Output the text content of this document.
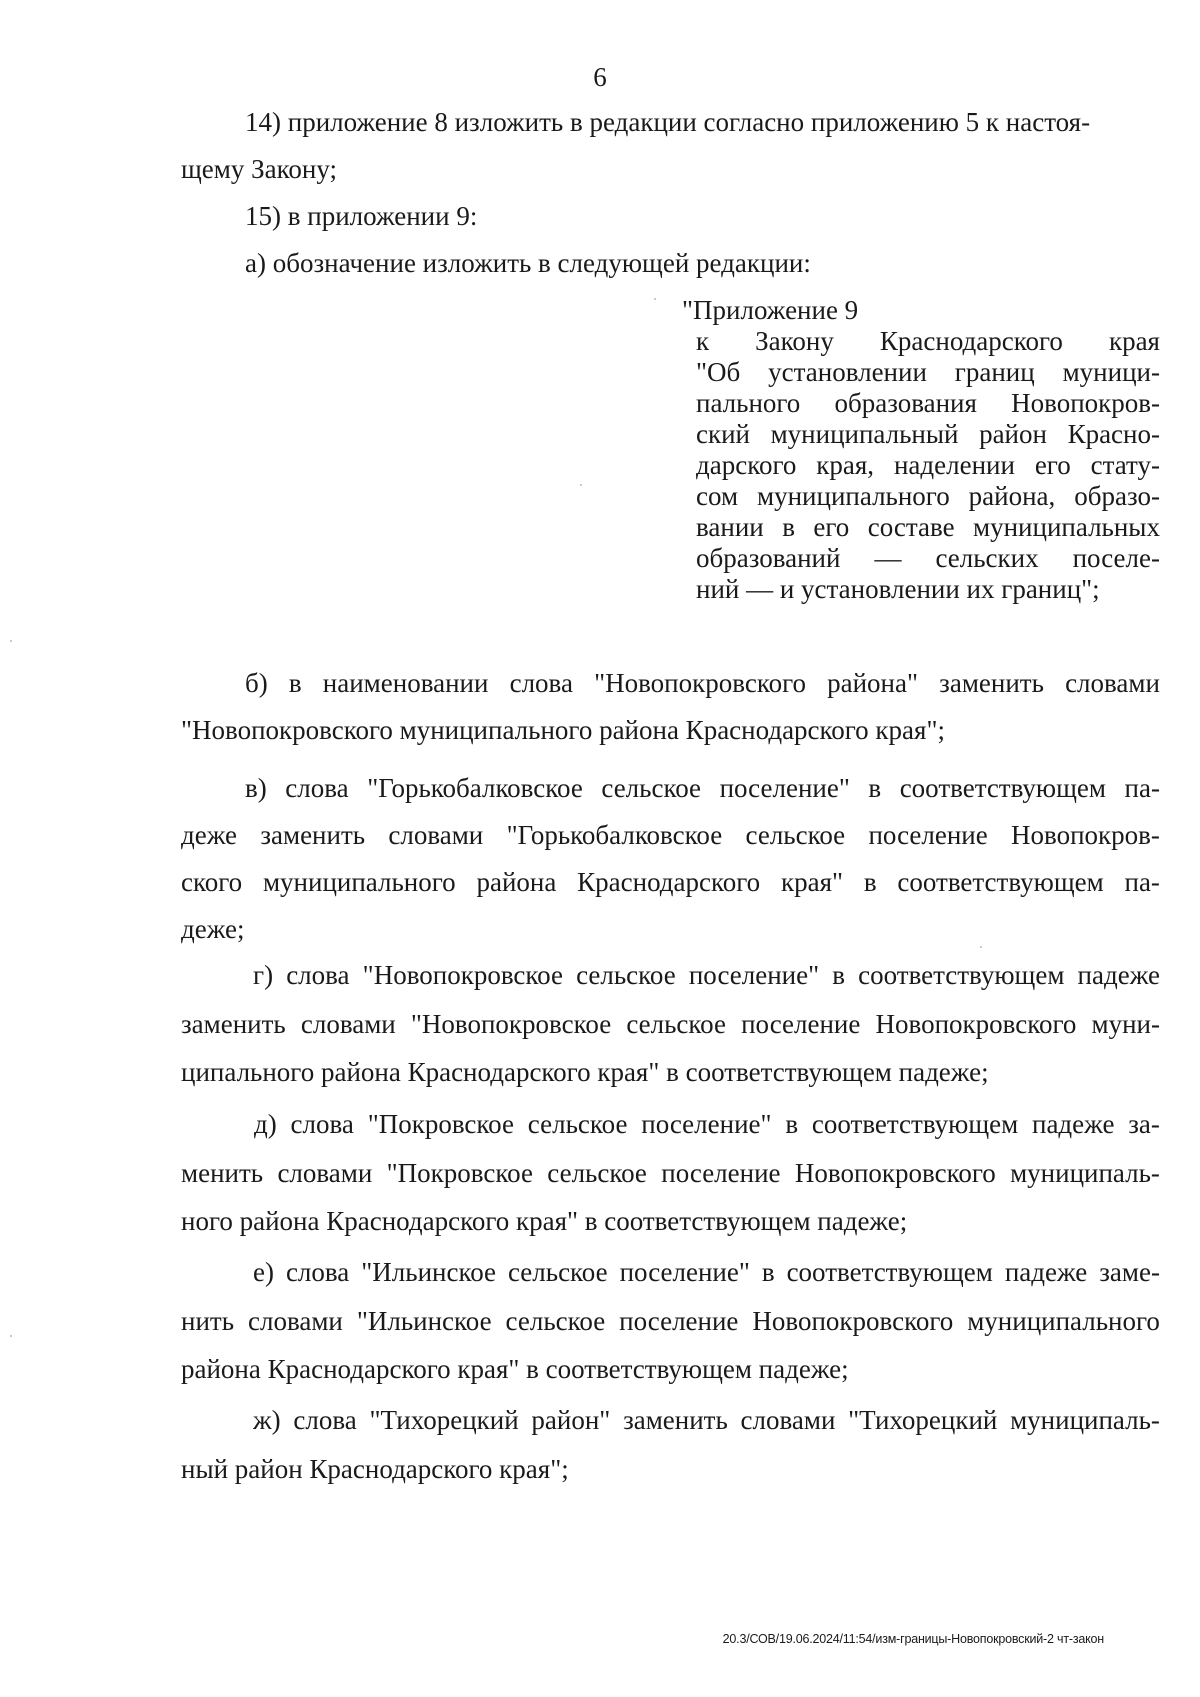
6
14) приложение 8 изложить в редакции согласно приложению 5 к настоя-
щему Закону;
15) в приложении 9:
а) обозначение изложить в следующей редакции:
"Приложение 9
к Закону Краснодарского края
"Об установлении границ муници-
пального образования Новопокров-
ский муниципальный район Красно-
дарского края, наделении его стату-
сом муниципального района, образо-
вании в его составе муниципальных
образований — сельских поселе-
ний — и установлении их границ";
б) в наименовании слова "Новопокровского района" заменить словами
"Новопокровского муниципального района Краснодарского края";
в) слова "Горькобалковское сельское поселение" в соответствующем па-
деже заменить словами "Горькобалковское сельское поселение Новопокров-
ского муниципального района Краснодарского края" в соответствующем па-
деже;
г) слова "Новопокровское сельское поселение" в соответствующем падеже
заменить словами "Новопокровское сельское поселение Новопокровского муни-
ципального района Краснодарского края" в соответствующем падеже;
д) слова "Покровское сельское поселение" в соответствующем падеже за-
менить словами "Покровское сельское поселение Новопокровского муниципаль-
ного района Краснодарского края" в соответствующем падеже;
е) слова "Ильинское сельское поселение" в соответствующем падеже заме-
нить словами "Ильинское сельское поселение Новопокровского муниципального
района Краснодарского края" в соответствующем падеже;
ж) слова "Тихорецкий район" заменить словами "Тихорецкий муниципаль-
ный район Краснодарского края";
20.3/СОВ/19.06.2024/11:54/изм-границы-Новопокровский-2 чт-закон
